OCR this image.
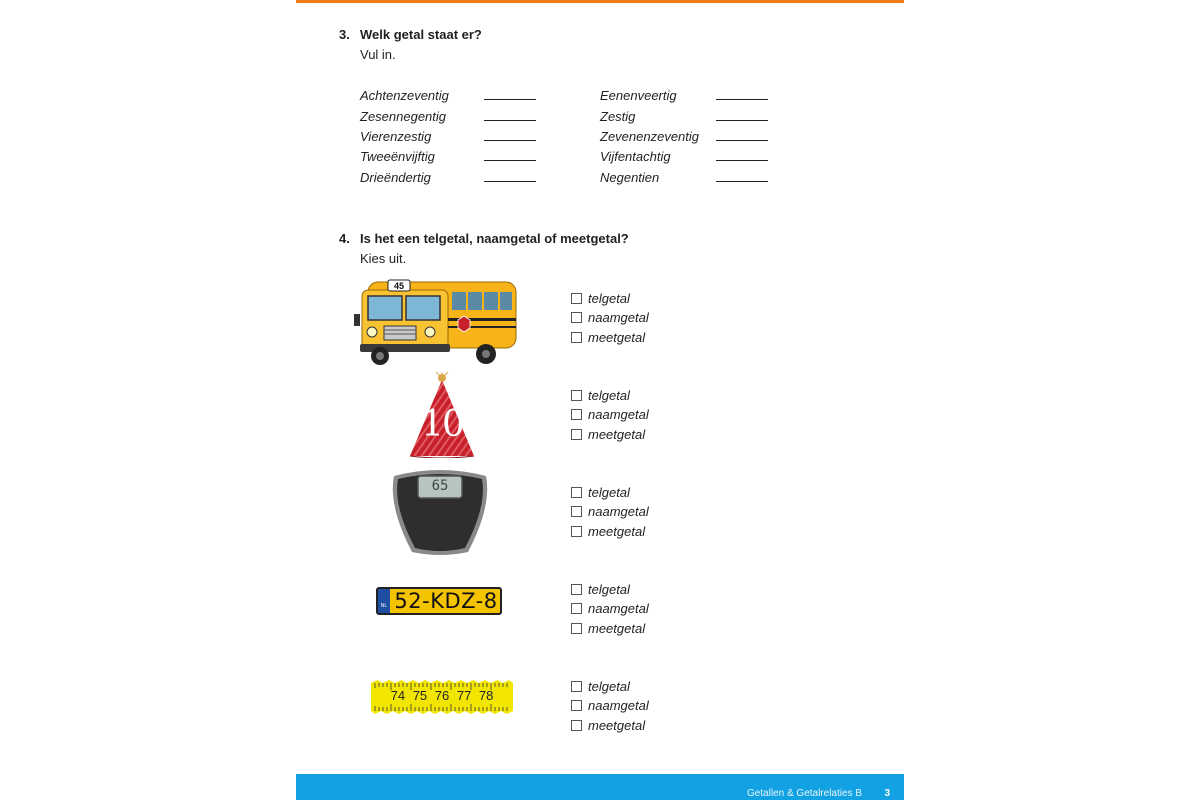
3. Welk getal staat er?
Vul in.
Achtenzeventig
Zesennegentig
Vierenzestig
Tweeënvijftig
Drieëndertig
Eenenveertig
Zestig
Zevenenzeventig
Vijfentachtig
Negentien
4. Is het een telgetal, naamgetal of meetgetal?
Kies uit.
45
telgetal
naamgetal
meetgetal
10
telgetal
naamgetal
meetgetal
65	telgetal
naamgetal
meetgetal
NL 52-KDZ-8	telgetal
naamgetal
meetgetal
74 75 76 77 78
telgetal
naamgetal
meetgetal
Getallen & Getalrelaties B 3
